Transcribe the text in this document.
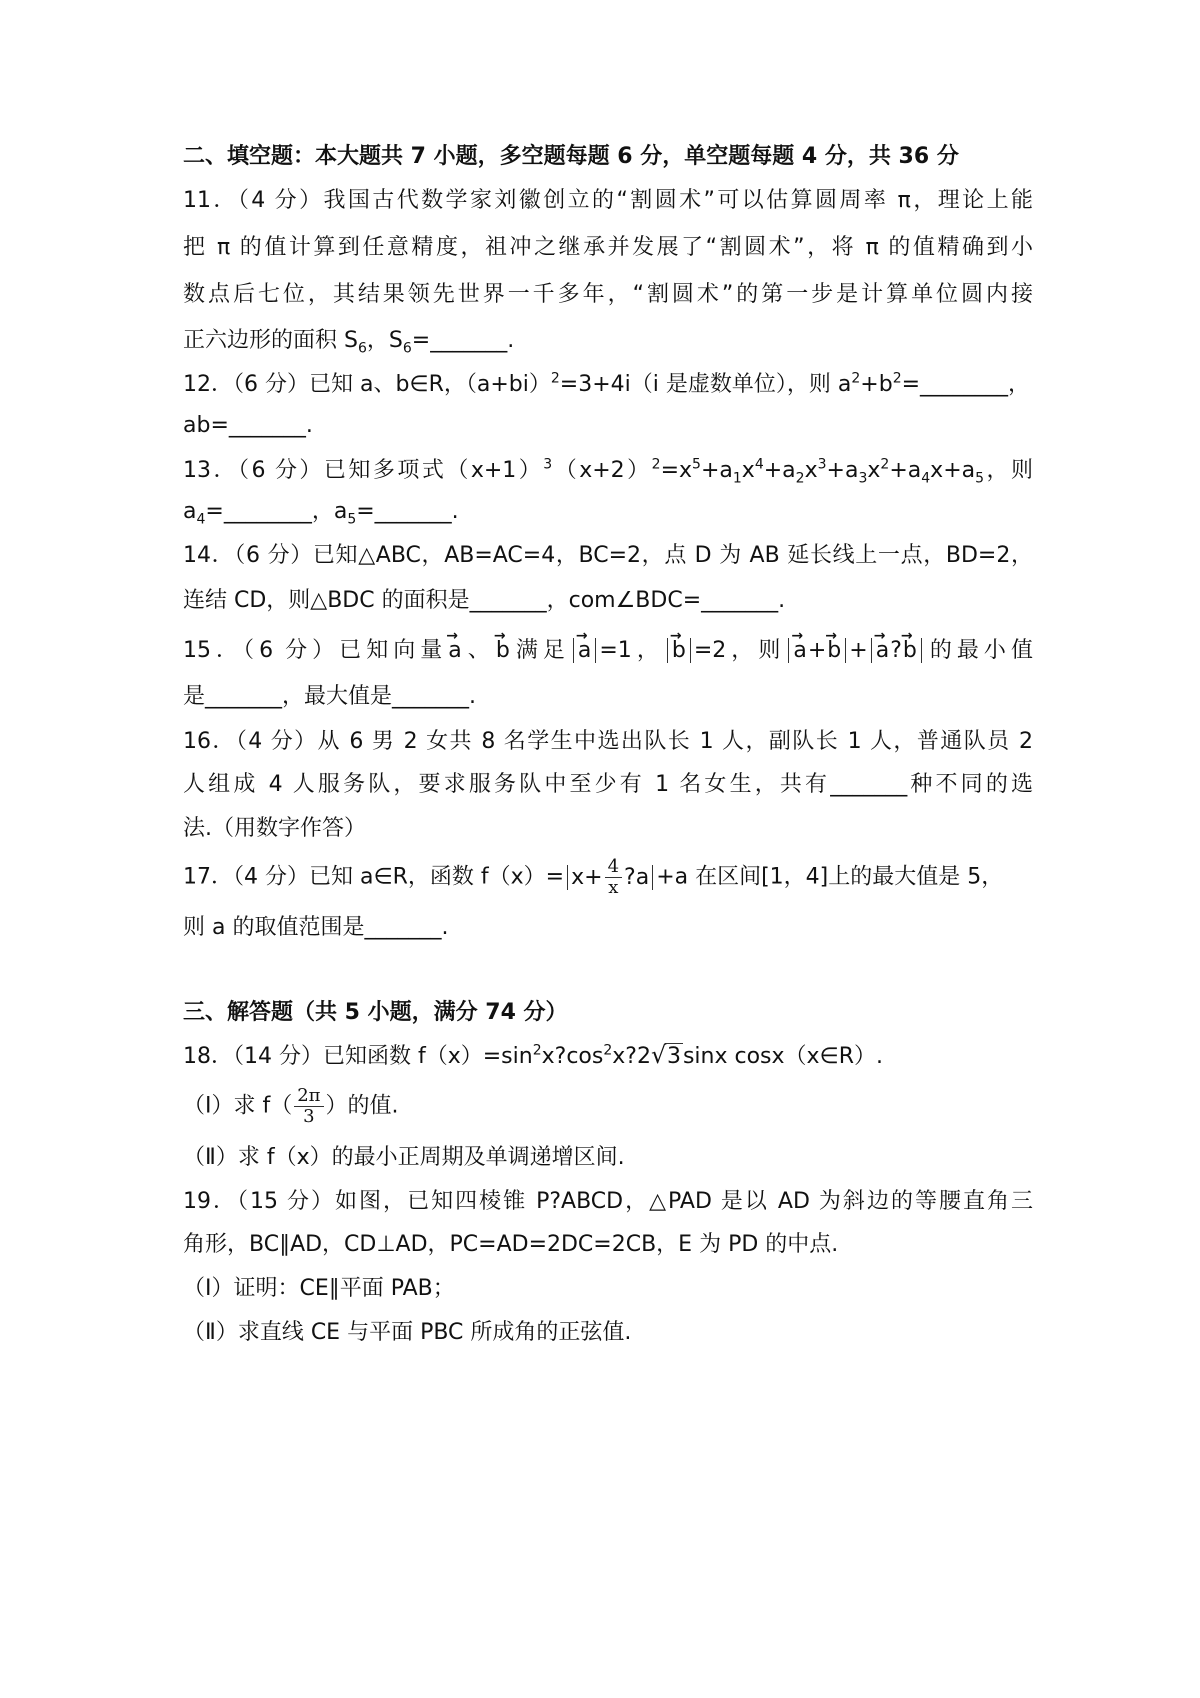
二、填空题：本大题共 7 小题，多空题每题 6 分，单空题每题 4 分，共 36 分
11．（4 分）我国古代数学家刘徽创立的“割圆术”可以估算圆周率 π，理论上能
把 π 的值计算到任意精度，祖冲之继承并发展了“割圆术”，将 π 的值精确到小
数点后七位，其结果领先世界一千多年，“割圆术”的第一步是计算单位圆内接
正六边形的面积 $S_6$，$S_6=\_\_\_\_\_\_\_$.
12．（6 分）已知 a、b∈R，$(a+bi)^2=3+4i(i$ 是虚数单位），则 $a^2+b^2=\_\_\_\_\_\_\_\_$，
ab=_______.
13．（6 分）已知多项式$(x+1)^3(x+2)^2=x^5+a_1x^4+a_2x^3+a_3x^2+a_4x+a_5$，则
$a_4=\_\_\_\_\_\_\_\_$，$a_5=\_\_\_\_\_\_\_$.
14．（6 分）已知△ABC，AB=AC=4，BC=2，点 D 为 AB 延长线上一点，BD=2，
连结 CD，则△BDC 的面积是_______，com∠BDC=_______.
15．（6 分）已知向量→ a、→ b满足→ a =1，→ b =2，则→ a+→ b +→ a?→ b 的最小值
是_______，最大值是_______.
16．（4 分）从 6 男 2 女共 8 名学生中选出队长 1 人，副队长 1 人，普通队员 2
人组成 4 人服务队，要求服务队中至少有 1 名女生，共有_______种不同的选
法.（用数字作答）
17．（4 分）已知 a∈R，函数 $f(x)= x+ \frac{4}{x}$ ?a +a 在区间[1，4]上的最大值是 5，
则 a 的取值范围是_______.
三、解答题（共 5 小题，满分 74 分）
18．（14 分）已知函数 $f(x)=\sin^2x?\cos^2x?2√$ 3sinx cosx（x∈R）.
（Ⅰ）求 $f( \frac{2\pi}{3}$ ）的值.
（Ⅱ）求 f（x）的最小正周期及单调递增区间.
19．（15 分）如图，已知四棱锥 P?ABCD，△PAD 是以 AD 为斜边的等腰直角三
角形，BC∥AD，CD⊥AD，PC=AD=2DC=2CB，E 为 PD 的中点.
（Ⅰ）证明：CE∥平面 PAB；
（Ⅱ）求直线 CE 与平面 PBC 所成角的正弦值.
